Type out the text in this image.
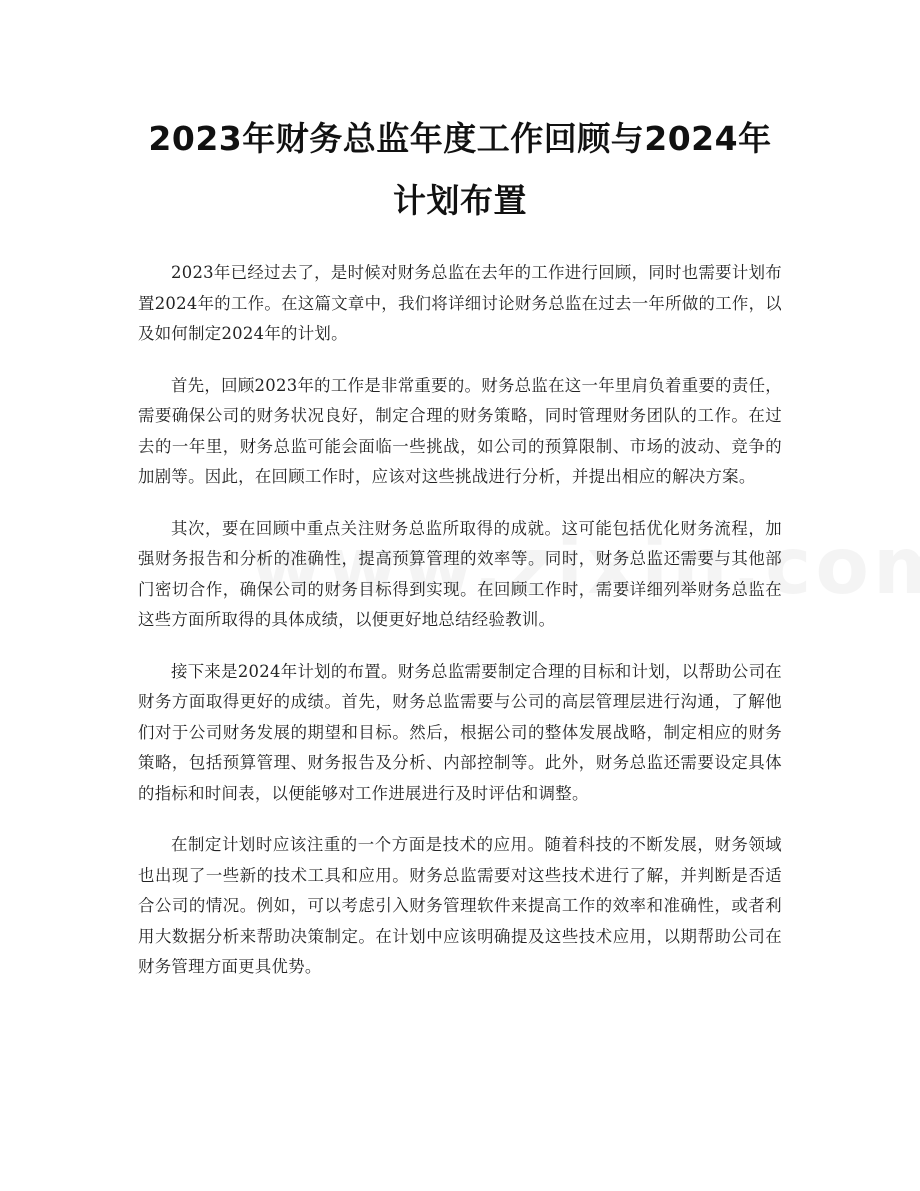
2023年财务总监年度工作回顾与2024年计划布置

2023年已经过去了，是时候对财务总监在去年的工作进行回顾，同时也需要计划布置2024年的工作。在这篇文章中，我们将详细讨论财务总监在过去一年所做的工作，以及如何制定2024年的计划。

首先，回顾2023年的工作是非常重要的。财务总监在这一年里肩负着重要的责任，需要确保公司的财务状况良好，制定合理的财务策略，同时管理财务团队的工作。在过去的一年里，财务总监可能会面临一些挑战，如公司的预算限制、市场的波动、竞争的加剧等。因此，在回顾工作时，应该对这些挑战进行分析，并提出相应的解决方案。

其次，要在回顾中重点关注财务总监所取得的成就。这可能包括优化财务流程，加强财务报告和分析的准确性，提高预算管理的效率等。同时，财务总监还需要与其他部门密切合作，确保公司的财务目标得到实现。在回顾工作时，需要详细列举财务总监在这些方面所取得的具体成绩，以便更好地总结经验教训。

接下来是2024年计划的布置。财务总监需要制定合理的目标和计划，以帮助公司在财务方面取得更好的成绩。首先，财务总监需要与公司的高层管理层进行沟通，了解他们对于公司财务发展的期望和目标。然后，根据公司的整体发展战略，制定相应的财务策略，包括预算管理、财务报告及分析、内部控制等。此外，财务总监还需要设定具体的指标和时间表，以便能够对工作进展进行及时评估和调整。

在制定计划时应该注重的一个方面是技术的应用。随着科技的不断发展，财务领域也出现了一些新的技术工具和应用。财务总监需要对这些技术进行了解，并判断是否适合公司的情况。例如，可以考虑引入财务管理软件来提高工作的效率和准确性，或者利用大数据分析来帮助决策制定。在计划中应该明确提及这些技术应用，以期帮助公司在财务管理方面更具优势。
